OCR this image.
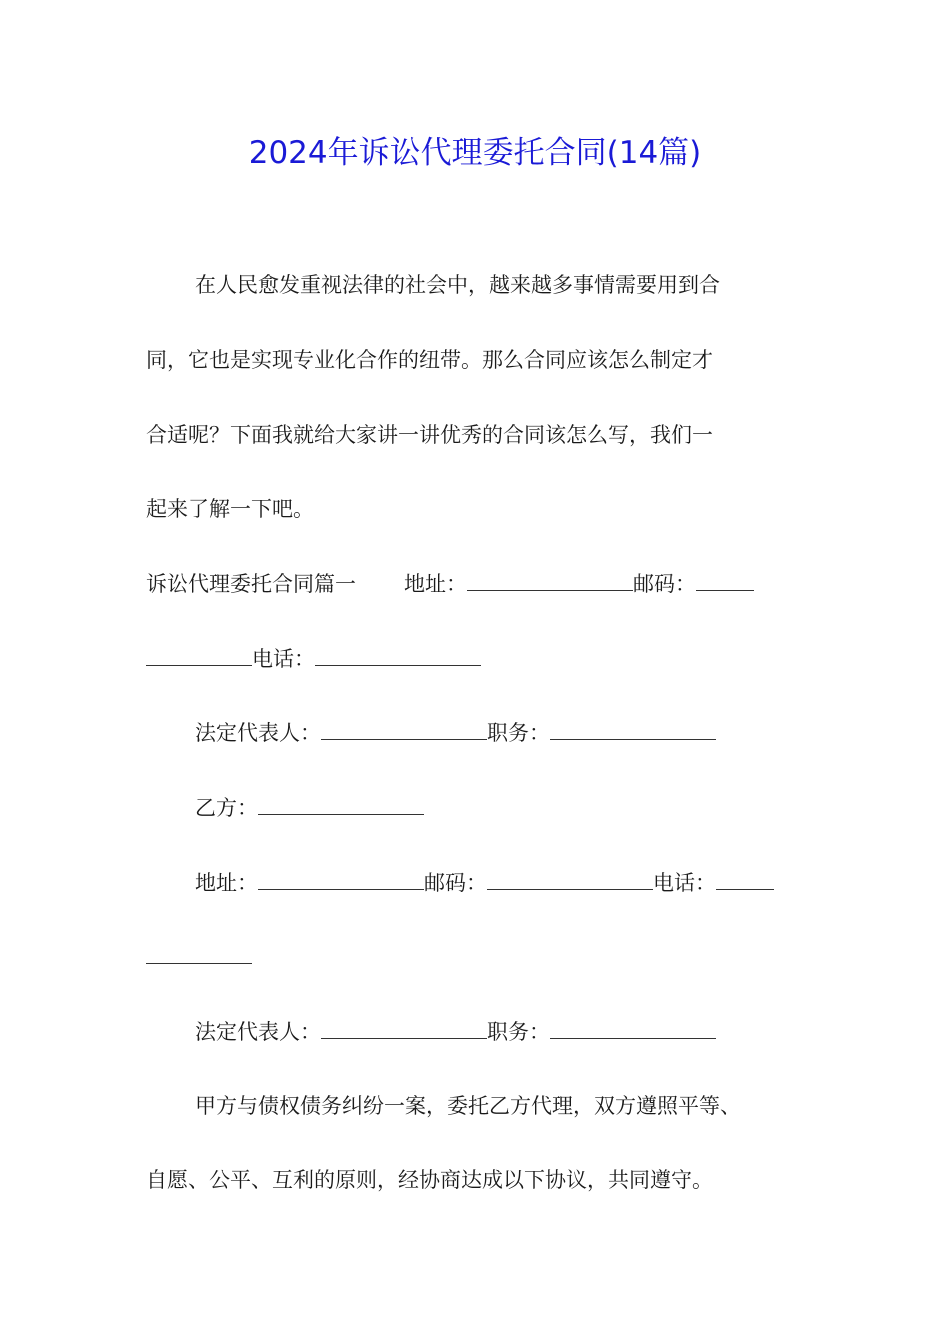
2024年诉讼代理委托合同(14篇)
在人民愈发重视法律的社会中，越来越多事情需要用到合
同，它也是实现专业化合作的纽带。那么合同应该怎么制定才
合适呢？下面我就给大家讲一讲优秀的合同该怎么写，我们一
起来了解一下吧。
诉讼代理委托合同篇一 地址：	邮码：
电话：
法定代表人：	职务：
乙方：
地址：	邮码：	电话：
法定代表人：	职务：
甲方与债权债务纠纷一案，委托乙方代理，双方遵照平等、
自愿、公平、互利的原则，经协商达成以下协议，共同遵守。
